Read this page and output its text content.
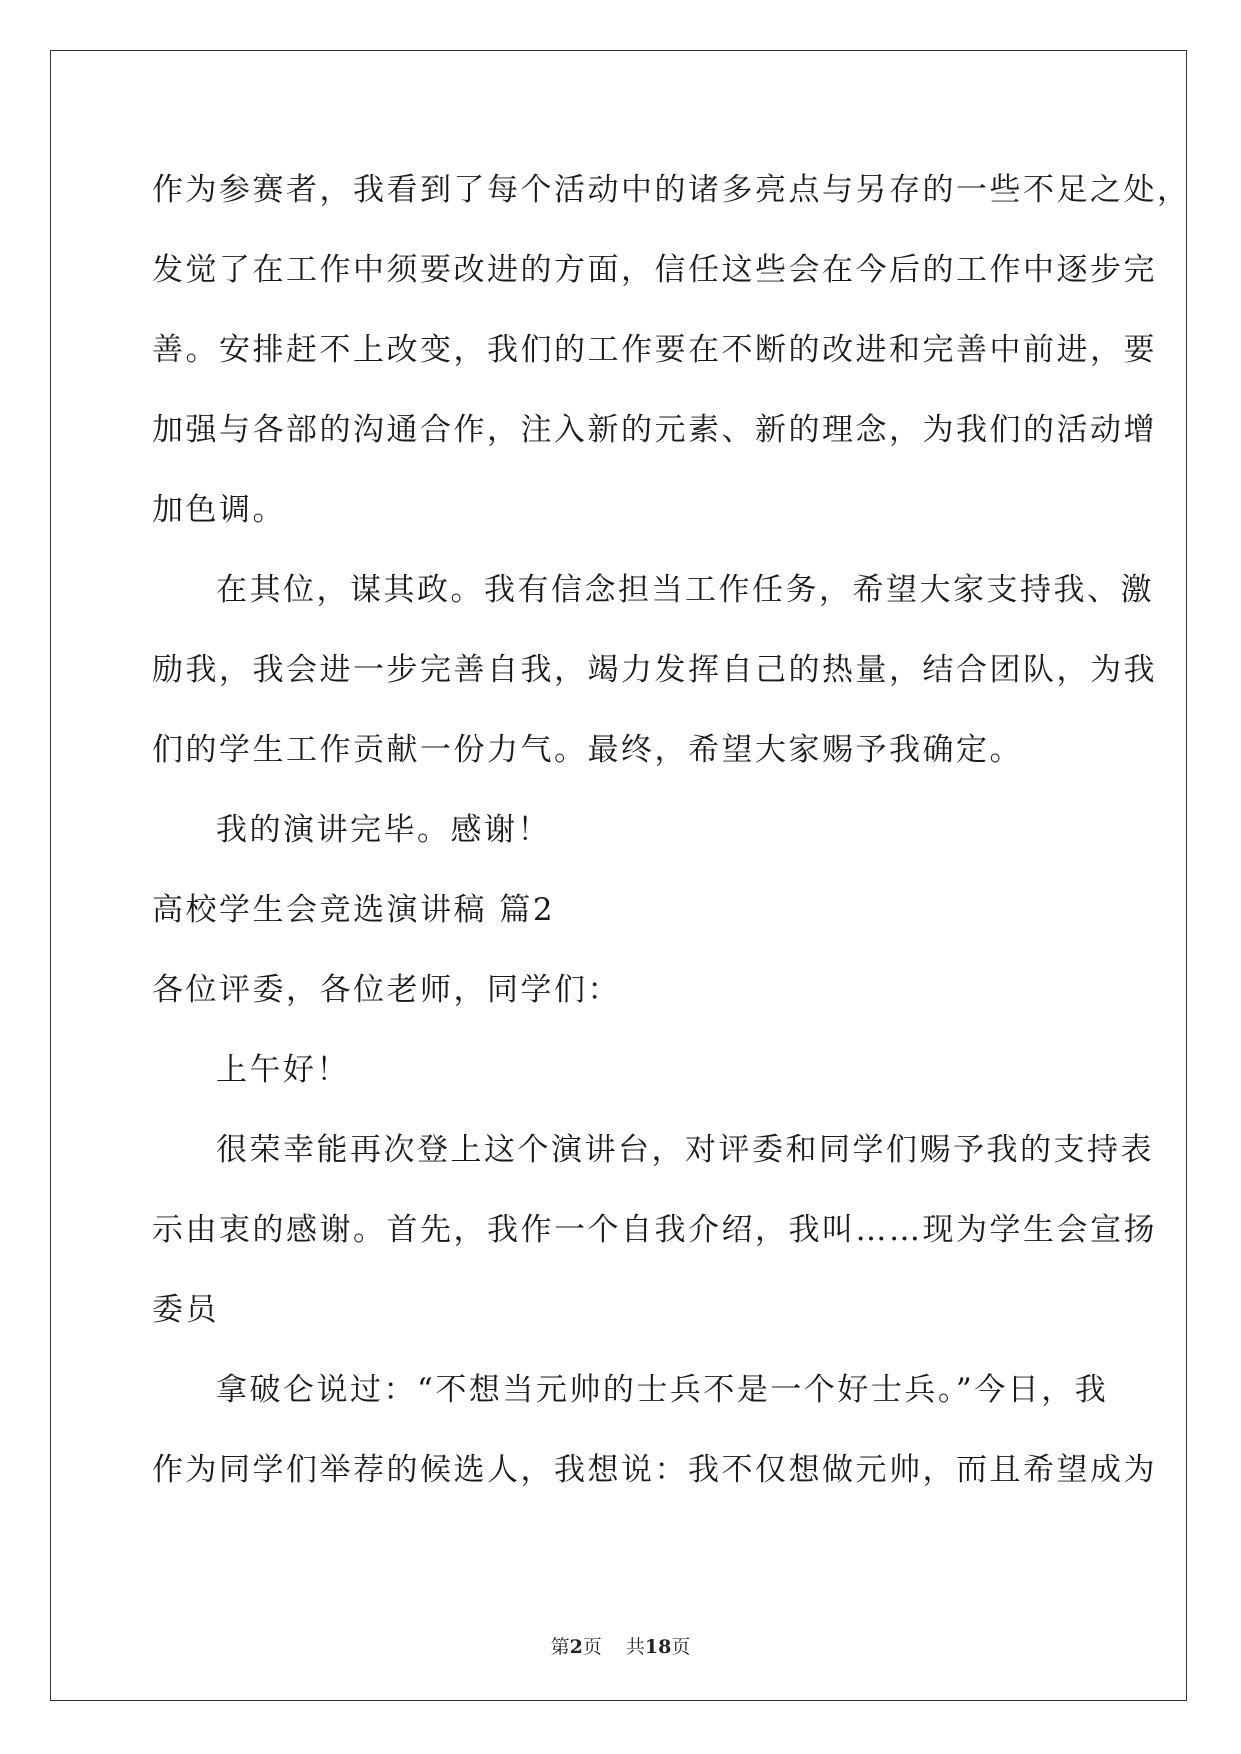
作为参赛者，我看到了每个活动中的诸多亮点与另存的一些不足之处，
发觉了在工作中须要改进的方面，信任这些会在今后的工作中逐步完
善。安排赶不上改变，我们的工作要在不断的改进和完善中前进，要
加强与各部的沟通合作，注入新的元素、新的理念，为我们的活动增
加色调。
在其位，谋其政。我有信念担当工作任务，希望大家支持我、激
励我，我会进一步完善自我，竭力发挥自己的热量，结合团队，为我
们的学生工作贡献一份力气。最终，希望大家赐予我确定。
我的演讲完毕。感谢！
高校学生会竞选演讲稿 篇2
各位评委，各位老师，同学们：
上午好！
很荣幸能再次登上这个演讲台，对评委和同学们赐予我的支持表
示由衷的感谢。首先，我作一个自我介绍，我叫……现为学生会宣扬
委员
拿破仑说过：“不想当元帅的士兵不是一个好士兵。”今日，我
作为同学们举荐的候选人，我想说：我不仅想做元帅，而且希望成为
第2页 共18页
